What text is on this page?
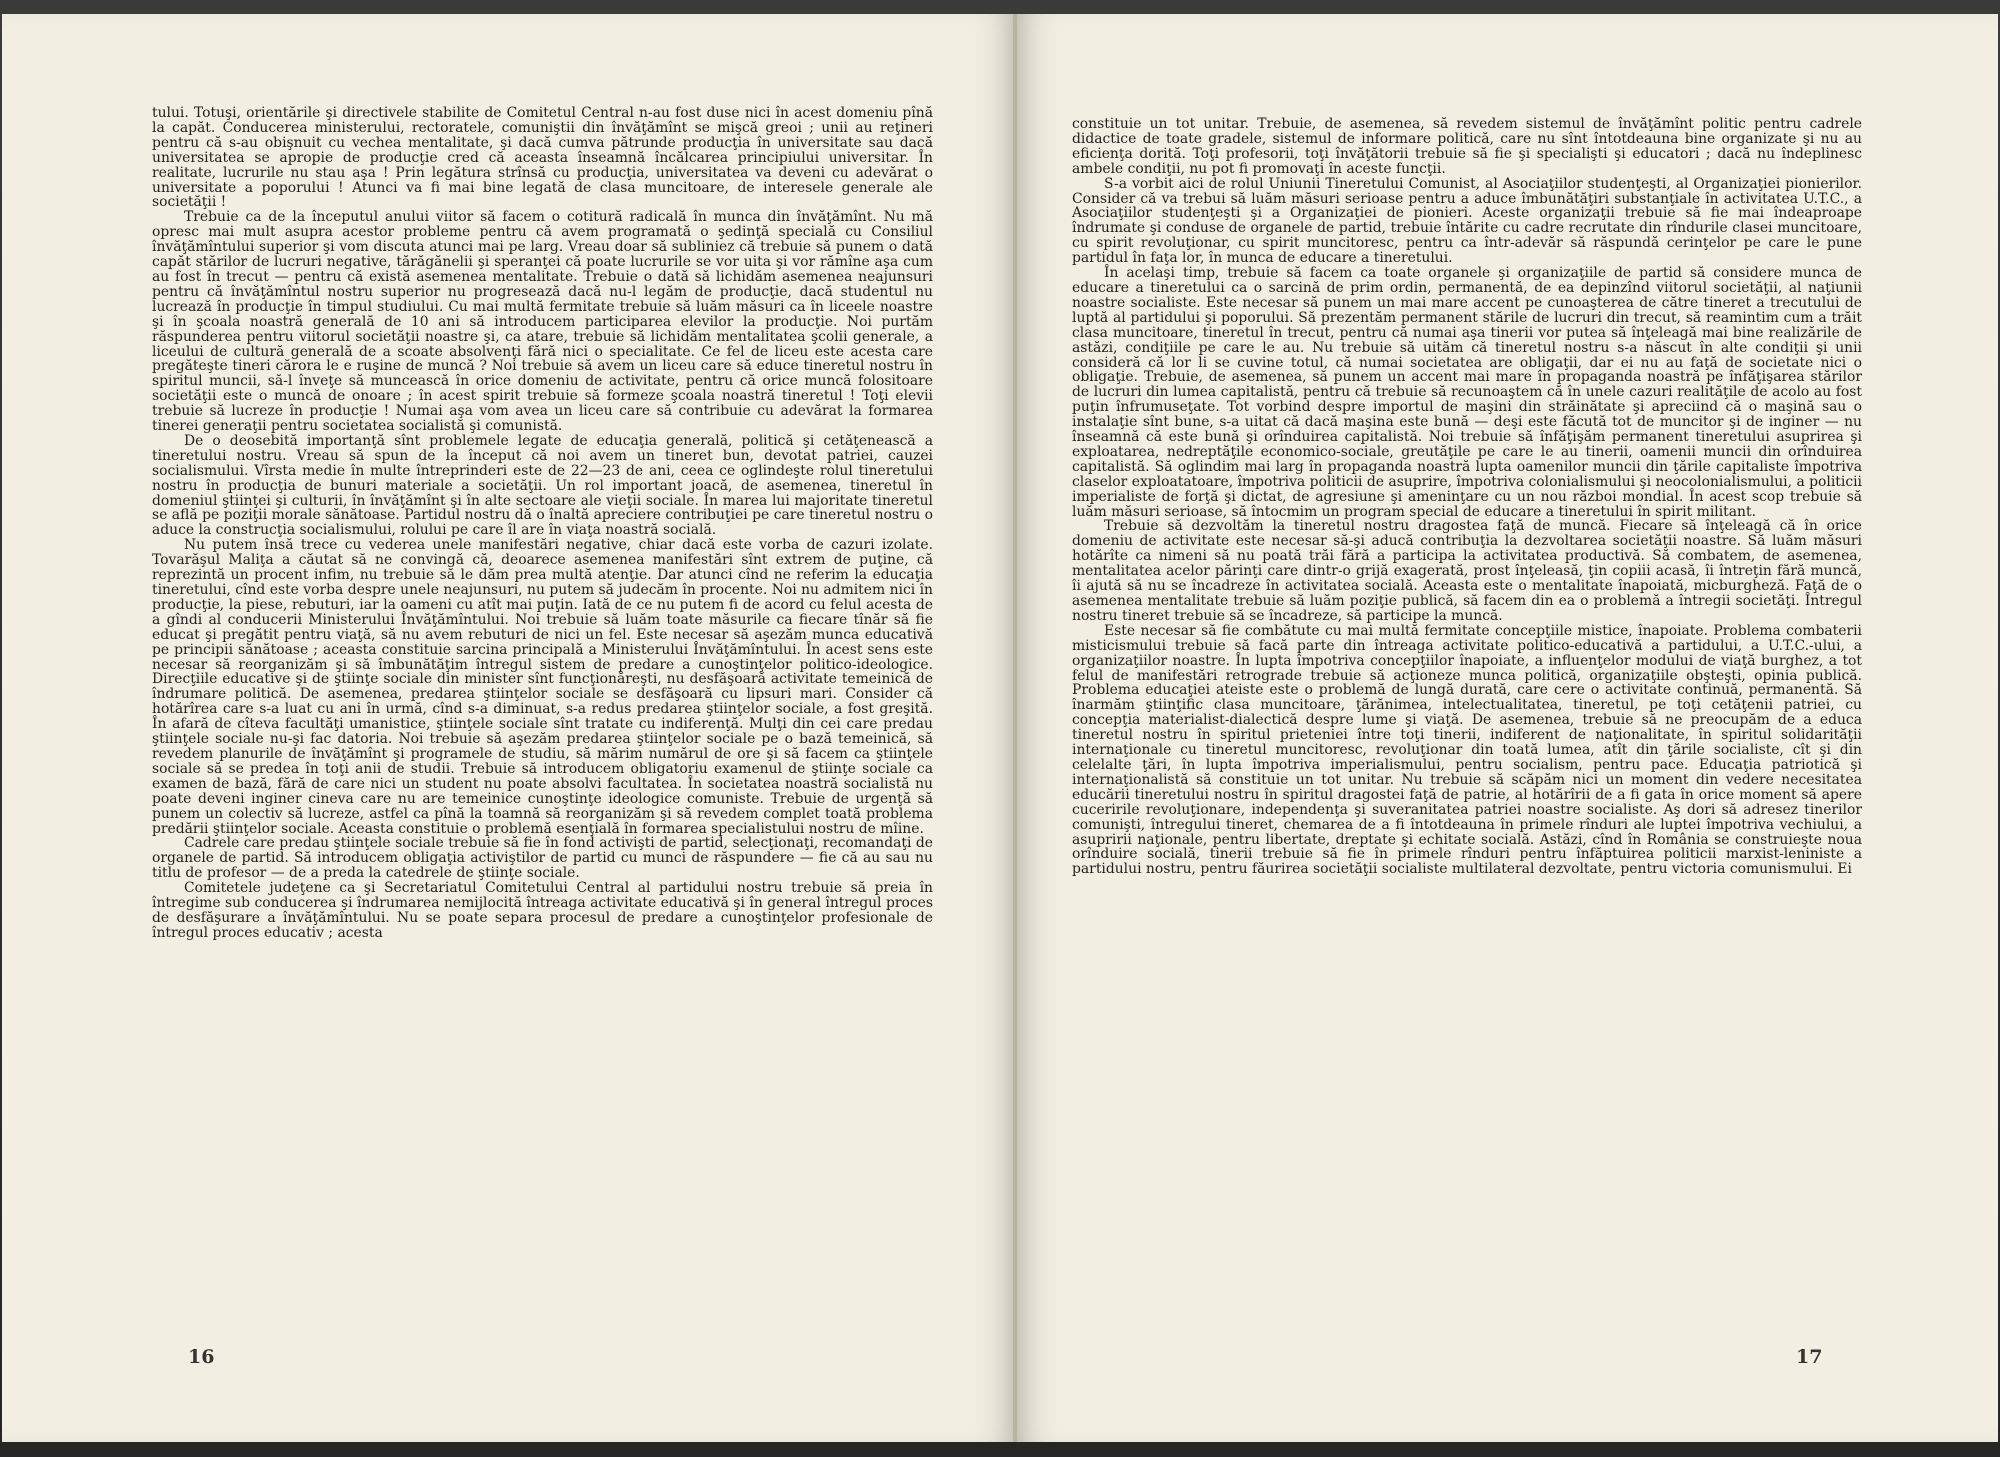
tului. Totuşi, orientările şi directivele stabilite de Comitetul Central n-au fost duse nici în acest domeniu pînă la capăt. Conducerea ministerului, rectoratele, comuniştii din învăţămînt se mişcă greoi ; unii au reţineri pentru că s-au obişnuit cu vechea mentalitate, şi dacă cumva pătrunde producţia în universitate sau dacă universitatea se apropie de producţie cred că aceasta înseamnă încălcarea principiului universitar. În realitate, lucrurile nu stau aşa ! Prin legătura strînsă cu producţia, universitatea va deveni cu adevărat o universitate a poporului ! Atunci va fi mai bine legată de clasa muncitoare, de interesele generale ale societăţii !

Trebuie ca de la începutul anului viitor să facem o cotitură radicală în munca din învăţămînt. Nu mă opresc mai mult asupra acestor probleme pentru că avem programată o şedinţă specială cu Consiliul învăţămîntului superior şi vom discuta atunci mai pe larg. Vreau doar să subliniez că trebuie să punem o dată capăt stărilor de lucruri negative, tărăgănelii şi speranţei că poate lucrurile se vor uita şi vor rămîne aşa cum au fost în trecut — pentru că există asemenea mentalitate. Trebuie o dată să lichidăm asemenea neajunsuri pentru că învăţămîntul nostru superior nu progresează dacă nu-l legăm de producţie, dacă studentul nu lucrează în producţie în timpul studiului. Cu mai multă fermitate trebuie să luăm măsuri ca în liceele noastre şi în şcoala noastră generală de 10 ani să introducem participarea elevilor la producţie. Noi purtăm răspunderea pentru viitorul societăţii noastre şi, ca atare, trebuie să lichidăm mentalitatea şcolii generale, a liceului de cultură generală de a scoate absolvenţi fără nici o specialitate. Ce fel de liceu este acesta care pregăteşte tineri cărora le e ruşine de muncă ? Noi trebuie să avem un liceu care să educe tineretul nostru în spiritul muncii, să-l înveţe să muncească în orice domeniu de activitate, pentru că orice muncă folositoare societăţii este o muncă de onoare ; în acest spirit trebuie să formeze şcoala noastră tineretul ! Toţi elevii trebuie să lucreze în producţie ! Numai aşa vom avea un liceu care să contribuie cu adevărat la formarea tinerei generaţii pentru societatea socialistă şi comunistă.

De o deosebită importanţă sînt problemele legate de educaţia generală, politică şi cetăţenească a tineretului nostru. Vreau să spun de la început că noi avem un tineret bun, devotat patriei, cauzei socialismului. Vîrsta medie în multe întreprinderi este de 22—23 de ani, ceea ce oglindeşte rolul tineretului nostru în producţia de bunuri materiale a societăţii. Un rol important joacă, de asemenea, tineretul în domeniul ştiinţei şi culturii, în învăţămînt şi în alte sectoare ale vieţii sociale. În marea lui majoritate tineretul se află pe poziţii morale sănătoase. Partidul nostru dă o înaltă apreciere contribuţiei pe care tineretul nostru o aduce la construcţia socialismului, rolului pe care îl are în viaţa noastră socială.

Nu putem însă trece cu vederea unele manifestări negative, chiar dacă este vorba de cazuri izolate. Tovarăşul Maliţa a căutat să ne convingă că, deoarece asemenea manifestări sînt extrem de puţine, că reprezintă un procent infim, nu trebuie să le dăm prea multă atenţie. Dar atunci cînd ne referim la educaţia tineretului, cînd este vorba despre unele neajunsuri, nu putem să judecăm în procente. Noi nu admitem nici în producţie, la piese, rebuturi, iar la oameni cu atît mai puţin. Iată de ce nu putem fi de acord cu felul acesta de a gîndi al conducerii Ministerului Învăţămîntului. Noi trebuie să luăm toate măsurile ca fiecare tînăr să fie educat şi pregătit pentru viaţă, să nu avem rebuturi de nici un fel. Este necesar să aşezăm munca educativă pe principii sănătoase ; aceasta constituie sarcina principală a Ministerului Învăţămîntului. În acest sens este necesar să reorganizăm şi să îmbunătăţim întregul sistem de predare a cunoştinţelor politico-ideologice. Direcţiile educative şi de ştiinţe sociale din minister sînt funcţionăreşti, nu desfăşoară activitate temeinică de îndrumare politică. De asemenea, predarea ştiinţelor sociale se desfăşoară cu lipsuri mari. Consider că hotărîrea care s-a luat cu ani în urmă, cînd s-a diminuat, s-a redus predarea ştiinţelor sociale, a fost greşită. În afară de cîteva facultăţi umanistice, ştiinţele sociale sînt tratate cu indiferenţă. Mulţi din cei care predau ştiinţele sociale nu-şi fac datoria. Noi trebuie să aşezăm predarea ştiinţelor sociale pe o bază temeinică, să revedem planurile de învăţămînt şi programele de studiu, să mărim numărul de ore şi să facem ca ştiinţele sociale să se predea în toţi anii de studii. Trebuie să introducem obligatoriu examenul de ştiinţe sociale ca examen de bază, fără de care nici un student nu poate absolvi facultatea. În societatea noastră socialistă nu poate deveni inginer cineva care nu are temeinice cunoştinţe ideologice comuniste. Trebuie de urgenţă să punem un colectiv să lucreze, astfel ca pînă la toamnă să reorganizăm şi să revedem complet toată problema predării ştiinţelor sociale. Aceasta constituie o problemă esenţială în formarea specialistului nostru de mîine.

Cadrele care predau ştiinţele sociale trebuie să fie în fond activişti de partid, selecţionaţi, recomandaţi de organele de partid. Să introducem obligaţia activiştilor de partid cu munci de răspundere — fie că au sau nu titlu de profesor — de a preda la catedrele de ştiinţe sociale.

Comitetele judeţene ca şi Secretariatul Comitetului Central al partidului nostru trebuie să preia în întregime sub conducerea şi îndrumarea nemijlocită întreaga activitate educativă şi în general întregul proces de desfăşurare a învăţămîntului. Nu se poate separa procesul de predare a cunoştinţelor profesionale de întregul proces educativ ; acesta

16

constituie un tot unitar. Trebuie, de asemenea, să revedem sistemul de învăţămînt politic pentru cadrele didactice de toate gradele, sistemul de informare politică, care nu sînt întotdeauna bine organizate şi nu au eficienţa dorită. Toţi profesorii, toţi învăţătorii trebuie să fie şi specialişti şi educatori ; dacă nu îndeplinesc ambele condiţii, nu pot fi promovaţi în aceste funcţii.

S-a vorbit aici de rolul Uniunii Tineretului Comunist, al Asociaţiilor studenţeşti, al Organizaţiei pionierilor. Consider că va trebui să luăm măsuri serioase pentru a aduce îmbunătăţiri substanţiale în activitatea U.T.C., a Asociaţiilor studenţeşti şi a Organizaţiei de pionieri. Aceste organizaţii trebuie să fie mai îndeaproape îndrumate şi conduse de organele de partid, trebuie întărite cu cadre recrutate din rîndurile clasei muncitoare, cu spirit revoluţionar, cu spirit muncitoresc, pentru ca într-adevăr să răspundă cerinţelor pe care le pune partidul în faţa lor, în munca de educare a tineretului.

În acelaşi timp, trebuie să facem ca toate organele şi organizaţiile de partid să considere munca de educare a tineretului ca o sarcină de prim ordin, permanentă, de ea depinzînd viitorul societăţii, al naţiunii noastre socialiste. Este necesar să punem un mai mare accent pe cunoaşterea de către tineret a trecutului de luptă al partidului şi poporului. Să prezentăm permanent stările de lucruri din trecut, să reamintim cum a trăit clasa muncitoare, tineretul în trecut, pentru că numai aşa tinerii vor putea să înţeleagă mai bine realizările de astăzi, condiţiile pe care le au. Nu trebuie să uităm că tineretul nostru s-a născut în alte condiţii şi unii consideră că lor li se cuvine totul, că numai societatea are obligaţii, dar ei nu au faţă de societate nici o obligaţie. Trebuie, de asemenea, să punem un accent mai mare în propaganda noastră pe înfăţişarea stărilor de lucruri din lumea capitalistă, pentru că trebuie să recunoaştem că în unele cazuri realităţile de acolo au fost puţin înfrumuseţate. Tot vorbind despre importul de maşini din străinătate şi apreciind că o maşină sau o instalaţie sînt bune, s-a uitat că dacă maşina este bună — deşi este făcută tot de muncitor şi de inginer — nu înseamnă că este bună şi orînduirea capitalistă. Noi trebuie să înfăţişăm permanent tineretului asuprirea şi exploatarea, nedreptăţile economico-sociale, greutăţile pe care le au tinerii, oamenii muncii din orînduirea capitalistă. Să oglindim mai larg în propaganda noastră lupta oamenilor muncii din ţările capitaliste împotriva claselor exploatatoare, împotriva politicii de asuprire, împotriva colonialismului şi neocolonialismului, a politicii imperialiste de forţă şi dictat, de agresiune şi ameninţare cu un nou război mondial. În acest scop trebuie să luăm măsuri serioase, să întocmim un program special de educare a tineretului în spirit militant.

Trebuie să dezvoltăm la tineretul nostru dragostea faţă de muncă. Fiecare să înţeleagă că în orice domeniu de activitate este necesar să-şi aducă contribuţia la dezvoltarea societăţii noastre. Să luăm măsuri hotărîte ca nimeni să nu poată trăi fără a participa la activitatea productivă. Să combatem, de asemenea, mentalitatea acelor părinţi care dintr-o grijă exagerată, prost înţeleasă, ţin copiii acasă, îi întreţin fără muncă, îi ajută să nu se încadreze în activitatea socială. Aceasta este o mentalitate înapoiată, micburgheză. Faţă de o asemenea mentalitate trebuie să luăm poziţie publică, să facem din ea o problemă a întregii societăţi. Întregul nostru tineret trebuie să se încadreze, să participe la muncă.

Este necesar să fie combătute cu mai multă fermitate concepţiile mistice, înapoiate. Problema combaterii misticismului trebuie să facă parte din întreaga activitate politico-educativă a partidului, a U.T.C.-ului, a organizaţiilor noastre. În lupta împotriva concepţiilor înapoiate, a influenţelor modului de viaţă burghez, a tot felul de manifestări retrograde trebuie să acţioneze munca politică, organizaţiile obşteşti, opinia publică. Problema educaţiei ateiste este o problemă de lungă durată, care cere o activitate continuă, permanentă. Să înarmăm ştiinţific clasa muncitoare, ţărănimea, intelectualitatea, tineretul, pe toţi cetăţenii patriei, cu concepţia materialist-dialectică despre lume şi viaţă. De asemenea, trebuie să ne preocupăm de a educa tineretul nostru în spiritul prieteniei între toţi tinerii, indiferent de naţionalitate, în spiritul solidarităţii internaţionale cu tineretul muncitoresc, revoluţionar din toată lumea, atît din ţările socialiste, cît şi din celelalte ţări, în lupta împotriva imperialismului, pentru socialism, pentru pace. Educaţia patriotică şi internaţionalistă să constituie un tot unitar. Nu trebuie să scăpăm nici un moment din vedere necesitatea educării tineretului nostru în spiritul dragostei faţă de patrie, al hotărîrii de a fi gata în orice moment să apere cuceririle revoluţionare, independenţa şi suveranitatea patriei noastre socialiste. Aş dori să adresez tinerilor comunişti, întregului tineret, chemarea de a fi întotdeauna în primele rînduri ale luptei împotriva vechiului, a asupririi naţionale, pentru libertate, dreptate şi echitate socială. Astăzi, cînd în România se construieşte noua orînduire socială, tinerii trebuie să fie în primele rînduri pentru înfăptuirea politicii marxist-leniniste a partidului nostru, pentru făurirea societăţii socialiste multilateral dezvoltate, pentru victoria comunismului. Ei

17
